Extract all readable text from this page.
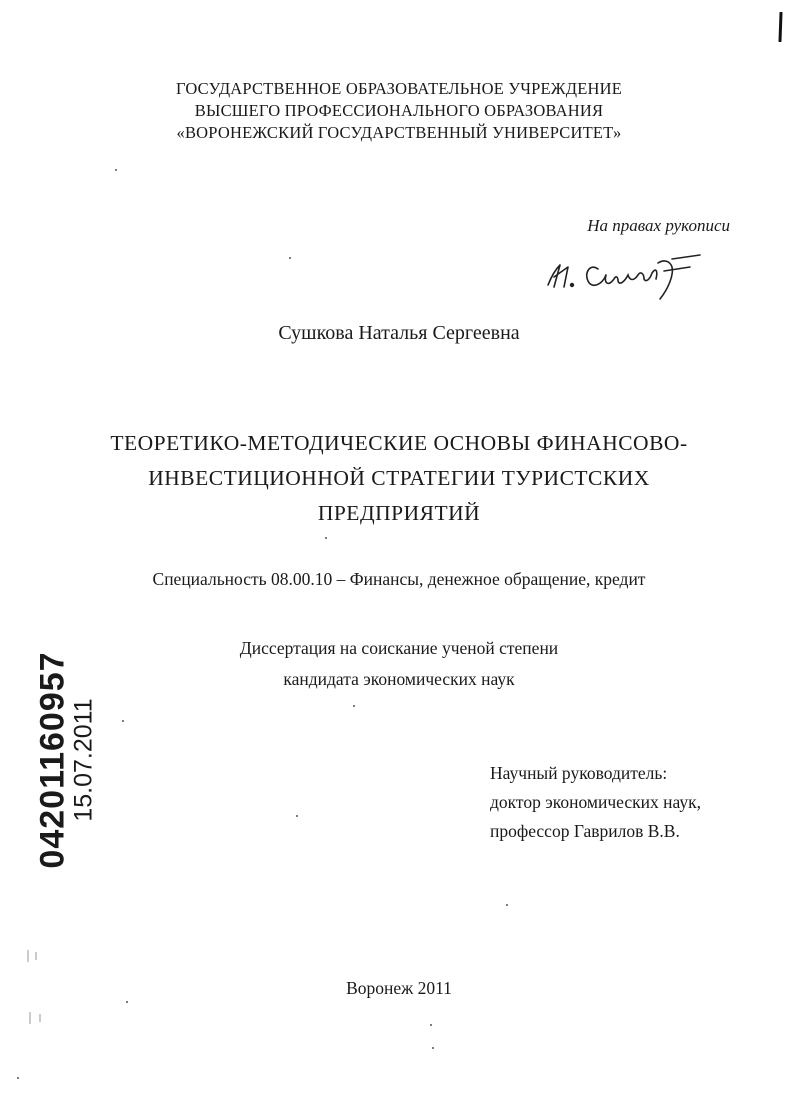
ГОСУДАРСТВЕННОЕ ОБРАЗОВАТЕЛЬНОЕ УЧРЕЖДЕНИЕ
ВЫСШЕГО ПРОФЕССИОНАЛЬНОГО ОБРАЗОВАНИЯ
«ВОРОНЕЖСКИЙ ГОСУДАРСТВЕННЫЙ УНИВЕРСИТЕТ»
На правах рукописи
Сушкова Наталья Сергеевна
ТЕОРЕТИКО-МЕТОДИЧЕСКИЕ ОСНОВЫ ФИНАНСОВО-
ИНВЕСТИЦИОННОЙ СТРАТЕГИИ ТУРИСТСКИХ
ПРЕДПРИЯТИЙ
Специальность 08.00.10 – Финансы, денежное обращение, кредит
Диссертация на соискание ученой степени
кандидата экономических наук
Научный руководитель:
доктор экономических наук,
профессор Гаврилов В.В.
Воронеж 2011
04201160957
15.07.2011
